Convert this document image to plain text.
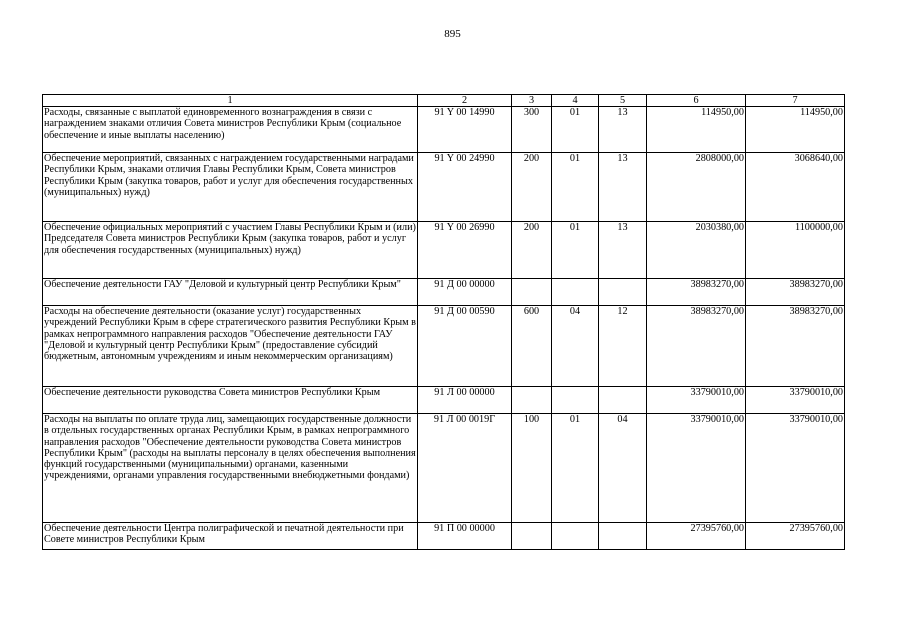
895
1	2	3	4	5	6	7
Расходы, связанные с выплатой единовременного вознаграждения в связи с награждением знаками отличия Совета министров Республики Крым (социальное обеспечение и иные выплаты населению)	91 Y 00 14990	300	01	13	114950,00	114950,00
Обеспечение мероприятий, связанных с награждением государственными наградами Республики Крым, знаками отличия Главы Республики Крым, Совета министров Республики Крым (закупка товаров, работ и услуг для обеспечения государственных (муниципальных) нужд)	91 Y 00 24990	200	01	13	2808000,00	3068640,00
Обеспечение официальных мероприятий с участием Главы Республики Крым и (или) Председателя Совета министров Республики Крым (закупка товаров, работ и услуг для обеспечения государственных (муниципальных) нужд)	91 Y 00 26990	200	01	13	2030380,00	1100000,00
Обеспечение деятельности ГАУ "Деловой и культурный центр Республики Крым"	91 Д 00 00000				38983270,00	38983270,00
Расходы на обеспечение деятельности (оказание услуг) государственных учреждений Республики Крым в сфере стратегического развития Республики Крым в рамках непрограммного направления расходов "Обеспечение деятельности ГАУ "Деловой и культурный центр Республики Крым" (предоставление субсидий бюджетным, автономным учреждениям и иным некоммерческим организациям)	91 Д 00 00590	600	04	12	38983270,00	38983270,00
Обеспечение деятельности руководства Совета министров Республики Крым	91 Л 00 00000				33790010,00	33790010,00
Расходы на выплаты по оплате труда лиц, замещающих государственные должности в отдельных государственных органах Республики Крым, в рамках непрограммного направления расходов "Обеспечение деятельности руководства Совета министров Республики Крым" (расходы на выплаты персоналу в целях обеспечения выполнения функций государственными (муниципальными) органами, казенными учреждениями, органами управления государственными внебюджетными фондами)	91 Л 00 0019Г	100	01	04	33790010,00	33790010,00
Обеспечение деятельности Центра полиграфической и печатной деятельности при Совете министров Республики Крым	91 П 00 00000				27395760,00	27395760,00
